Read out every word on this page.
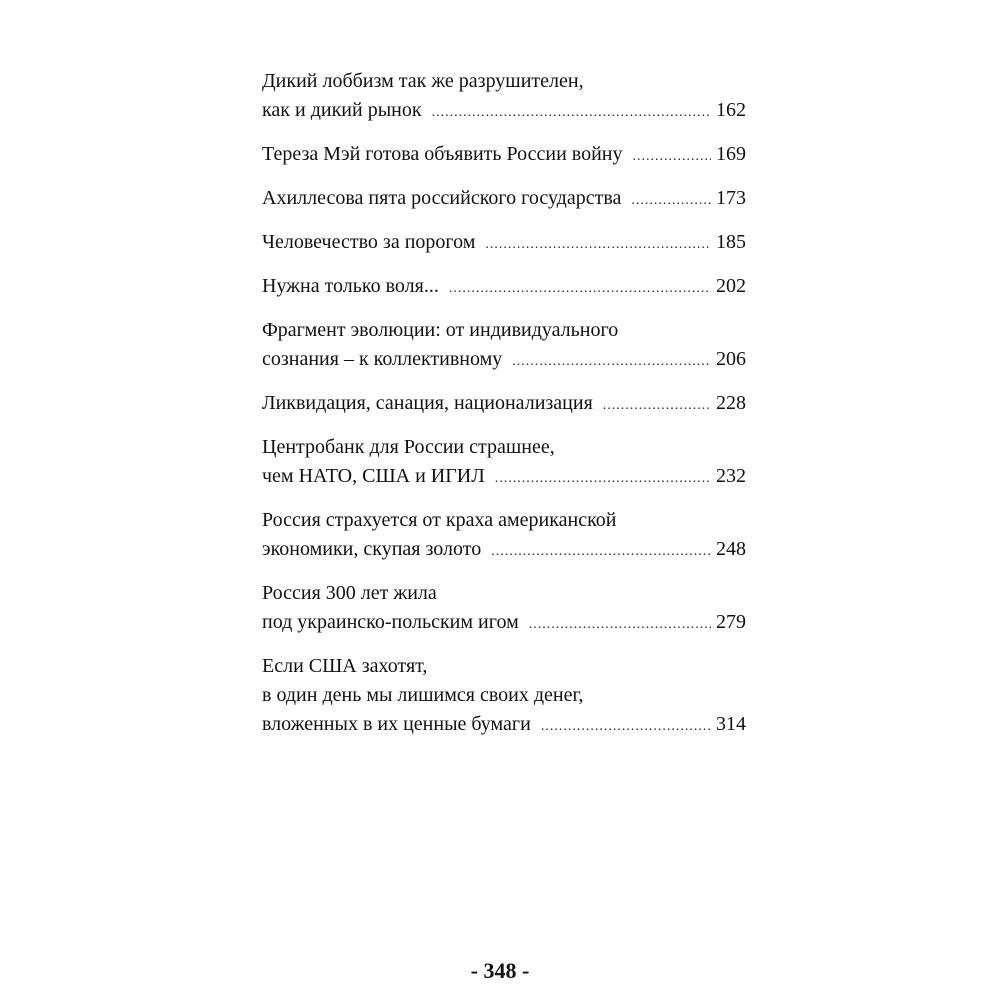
Дикий лоббизм так же разрушителен,
как и дикий рынок .....	162
Тереза Мэй готова объявить России войну .....	169
Ахиллесова пята российского государства .....	173
Человечество за порогом .....	185
Нужна только воля... .....	202
Фрагмент эволюции: от индивидуального
сознания – к коллективному .....	206
Ликвидация, санация, национализация .....	228
Центробанк для России страшнее,
чем НАТО, США и ИГИЛ .....	232
Россия страхуется от краха американской
экономики, скупая золото .....	248
Россия 300 лет жила
под украинско-польским игом .....	279
Если США захотят,
в один день мы лишимся своих денег,
вложенных в их ценные бумаги .....	314
- 348 -
